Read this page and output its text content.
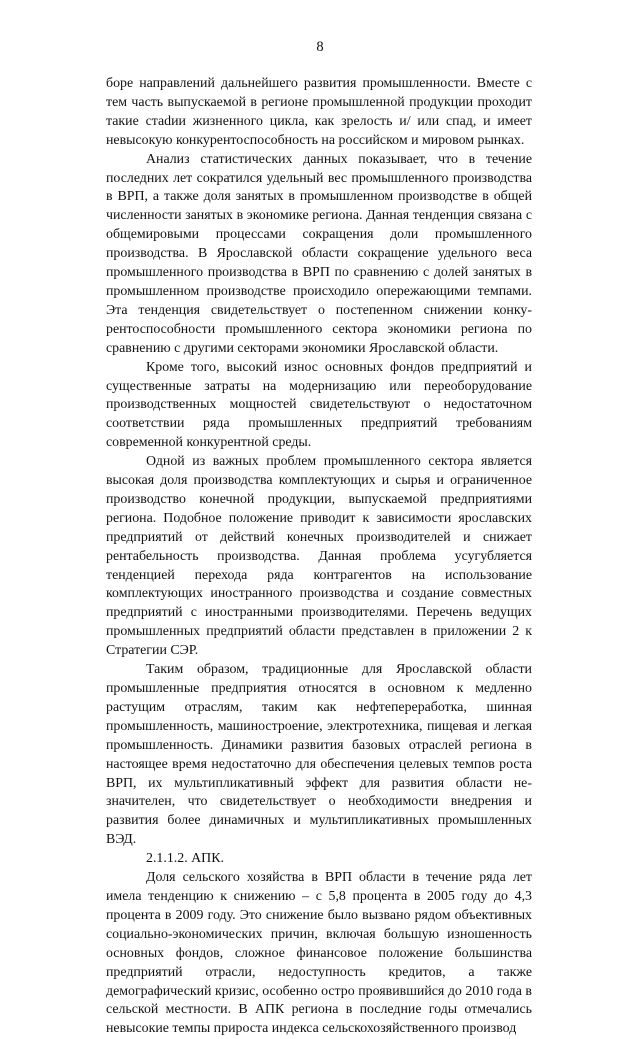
8

боре направлений дальнейшего развития промышленности. Вместе с тем часть выпускаемой в регионе промышленной продукции проходит такие стаdии жизненного цикла, как зрелость и/ или спад, и имеет невысокую конкурентоспособность на российском и мировом рынках.

Анализ статистических данных показывает, что в течение последних лет сократился удельный вес промышленного производства в ВРП, а также доля занятых в промышленном производстве в общей численности занятых в экономике региона. Данная тенденция связана с общемировыми процессами сокращения доли промышленного производства. В Ярославской области сокращение удельного веса промышленного производства в ВРП по сравнению с долей занятых в промышленном производстве происходило опережающими темпами. Эта тенденция свидетельствует о постепенном снижении конкурентоспособности промышленного сектора экономики региона по сравнению с другими секторами экономики Ярославской области.

Кроме того, высокий износ основных фондов предприятий и существенные затраты на модернизацию или переоборудование производственных мощностей свидетельствуют о недостаточном соответствии ряда промышленных предприятий требованиям современной конкурентной среды.

Одной из важных проблем промышленного сектора является высокая доля производства комплектующих и сырья и ограниченное производство конечной продукции, выпускаемой предприятиями региона. Подобное положение приводит к зависимости ярославских предприятий от действий конечных производителей и снижает рентабельность производства. Данная проблема усугубляется тенденцией перехода ряда контрагентов на использование комплектующих иностранного производства и создание совместных предприятий с иностранными производителями. Перечень ведущих промышленных предприятий области представлен в приложении 2 к Стратегии СЭР.

Таким образом, традиционные для Ярославской области промышленные предприятия относятся в основном к медленно растущим отраслям, таким как нефтепереработка, шинная промышленность, машиностроение, электротехника, пищевая и легкая промышленность. Динамики развития базовых отраслей региона в настоящее время недостаточно для обеспечения целевых темпов роста ВРП, их мультипликативный эффект для развития области незначителен, что свидетельствует о необходимости внедрения и развития более динамичных и мультипликативных промышленных ВЭД.

2.1.1.2. АПК.

Доля сельского хозяйства в ВРП области в течение ряда лет имела тенденцию к снижению – с 5,8 процента в 2005 году до 4,3 процента в 2009 году. Это снижение было вызвано рядом объективных социально-экономических причин, включая большую изношенность основных фондов, сложное финансовое положение большинства предприятий отрасли, недоступность кредитов, а также демографический кризис, особенно остро проявившийся до 2010 года в сельской местности. В АПК региона в последние годы отмечались невысокие темпы прироста индекса сельскохозяйственного производ
